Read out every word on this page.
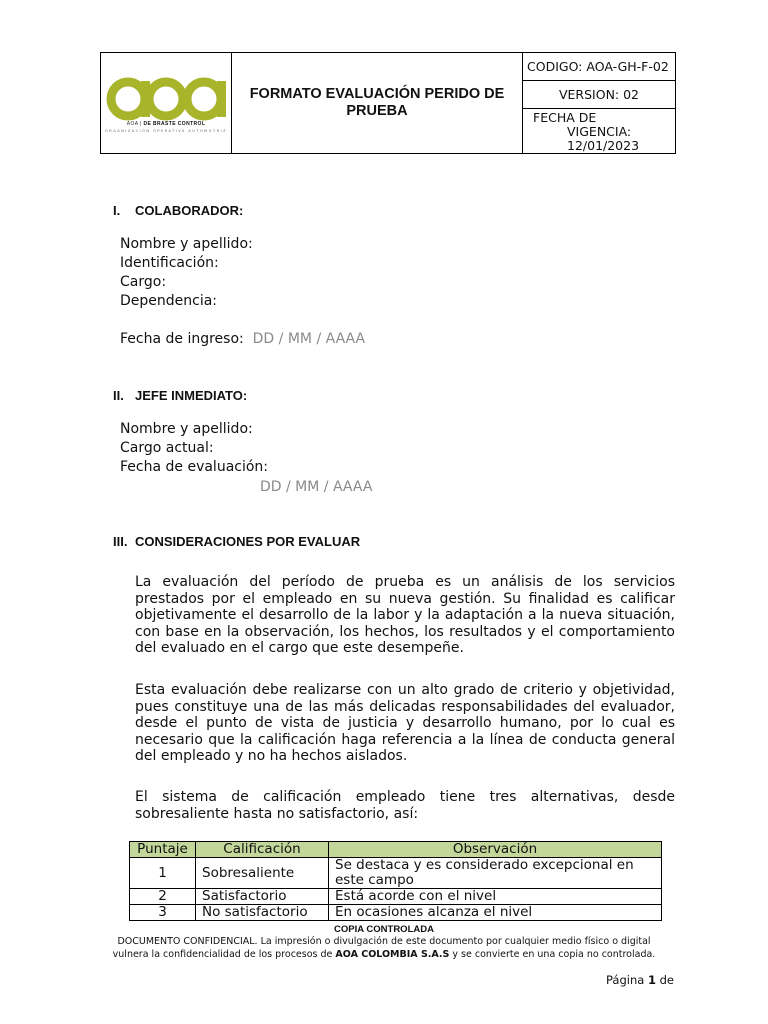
AOA | DE BRASTE CONTROL
ORGANIZACIÓN OPERATIVA AUTOMOTRIZ
	FORMATO EVALUACIÓN PERIDO DE PRUEBA	CODIGO: AOA-GH-F-02
VERSION: 02

FECHA DE
VIGENCIA:
12/01/2023
I. COLABORADOR:
Nombre y apellido:
Identificación:
Cargo:
Dependencia:
Fecha de ingreso: DD / MM / AAAA
II. JEFE INMEDIATO:
Nombre y apellido:
Cargo actual:
Fecha de evaluación:
DD / MM / AAAA
III. CONSIDERACIONES POR EVALUAR
La evaluación del período de prueba es un análisis de los servicios prestados por el empleado en su nueva gestión. Su finalidad es calificar objetivamente el desarrollo de la labor y la adaptación a la nueva situación, con base en la observación, los hechos, los resultados y el comportamiento del evaluado en el cargo que este desempeñe.
Esta evaluación debe realizarse con un alto grado de criterio y objetividad, pues constituye una de las más delicadas responsabilidades del evaluador, desde el punto de vista de justicia y desarrollo humano, por lo cual es necesario que la calificación haga referencia a la línea de conducta general del empleado y no ha hechos aislados.
El sistema de calificación empleado tiene tres alternativas, desde sobresaliente hasta no satisfactorio, así:
Puntaje	Calificación	Observación
1	Sobresaliente	Se destaca y es considerado excepcional en este campo
2	Satisfactorio	Está acorde con el nivel
3	No satisfactorio	En ocasiones alcanza el nivel
COPIA CONTROLADA
DOCUMENTO CONFIDENCIAL. La impresión o divulgación de este documento por cualquier medio físico o digital vulnera la confidencialidad de los procesos de AOA COLOMBIA S.A.S y se convierte en una copia no controlada.
Página 1 de
